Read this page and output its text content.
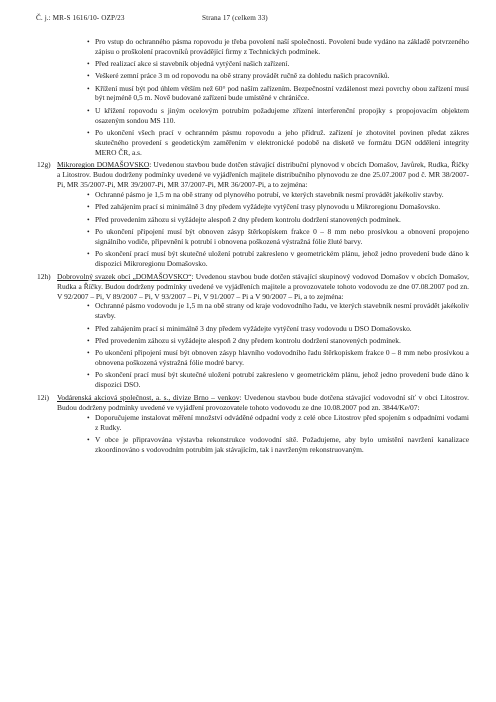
Č. j.: MR-S 1616/10- OZP/23	Strana 17 (celkem 33)
• Pro vstup do ochranného pásma ropovodu je třeba povolení naší společnosti. Povolení bude vydáno na základě potvrzeného zápisu o proškolení pracovníků provádějící firmy z Technických podmínek.
• Před realizací akce si stavebník objedná vytýčení našich zařízení.
• Veškeré zemní práce 3 m od ropovodu na obě strany provádět ručně za dohledu našich pracovníků.
• Křížení musí být pod úhlem větším než 60° pod naším zařízením. Bezpečnostní vzdálenost mezi povrchy obou zařízení musí být nejméně 0,5 m. Nově budované zařízení bude umístěné v chráničce.
• U křížení ropovodu s jiným ocelovým potrubím požadujeme zřízení interferenční propojky s propojovacím objektem osazeným sondou MS 110.
• Po ukončení všech prací v ochranném pásmu ropovodu a jeho přídruž. zařízení je zhotovitel povinen předat zákres skutečného provedení s geodetickým zaměřením v elektronické podobě na disketě ve formátu DGN oddělení integrity MERO ČR, a.s.
12g) Mikroregion DOMAŠOVSKO: Uvedenou stavbou bude dotčen stávající distribuční plynovod v obcích Domašov, Javůrek, Rudka, Říčky a Litostrov. Budou dodrženy podmínky uvedené ve vyjádřeních majitele distribučního plynovodu ze dne 25.07.2007 pod č. MR 38/2007-Pi, MR 35/2007-Pi, MR 39/2007-Pi, MR 37/2007-Pi, MR 36/2007-Pi, a to zejména:
• Ochranné pásmo je 1,5 m na obě strany od plynového potrubí, ve kterých stavebník nesmí provádět jakékoliv stavby.
• Před zahájením prací si minimálně 3 dny předem vyžádejte vytýčení trasy plynovodu u Mikroregionu Domašovsko.
• Před provedením záhozu si vyžádejte alespoň 2 dny předem kontrolu dodržení stanovených podmínek.
• Po ukončení připojení musí být obnoven zásyp štěrkopískem frakce 0 – 8 mm nebo prosívkou a obnovení propojeno signálního vodiče, připevnění k potrubí i obnovena poškozená výstražná fólie žluté barvy.
• Po skončení prací musí být skutečné uložení potrubí zakresleno v geometrickém plánu, jehož jedno provedení bude dáno k dispozici Mikroregionu Domašovsko.
12h) Dobrovolný svazek obcí „DOMAŠOVSKO“: Uvedenou stavbou bude dotčen stávající skupinový vodovod Domašov v obcích Domašov, Rudka a Říčky. Budou dodrženy podmínky uvedené ve vyjádřeních majitele a provozovatele tohoto vodovodu ze dne 07.08.2007 pod zn. V 92/2007 – Pi, V 89/2007 – Pi, V 93/2007 – Pi, V 91/2007 – Pi a V 90/2007 – Pi, a to zejména:
• Ochranné pásmo vodovodu je 1,5 m na obě strany od kraje vodovodního řadu, ve kterých stavebník nesmí provádět jakékoliv stavby.
• Před zahájením prací si minimálně 3 dny předem vyžádejte vytýčení trasy vodovodu u DSO Domašovsko.
• Před provedením záhozu si vyžádejte alespoň 2 dny předem kontrolu dodržení stanovených podmínek.
• Po ukončení připojení musí být obnoven zásyp hlavního vodovodního řadu štěrkopískem frakce 0 – 8 mm nebo prosívkou a obnovena poškozená výstražná fólie modré barvy.
• Po skončení prací musí být skutečné uložení potrubí zakresleno v geometrickém plánu, jehož jedno provedení bude dáno k dispozici DSO.
12i) Vodárenská akciová společnost, a. s., divize Brno – venkov: Uvedenou stavbou bude dotčena stávající vodovodní síť v obci Litostrov. Budou dodrženy podmínky uvedené ve vyjádření provozovatele tohoto vodovodu ze dne 10.08.2007 pod zn. 3844/Ke/07:
• Doporučujeme instalovat měření množství odváděné odpadní vody z celé obce Litostrov před spojením s odpadními vodami z Rudky.
• V obce je připravována výstavba rekonstrukce vodovodní sítě. Požadujeme, aby bylo umístění navržení kanalizace zkoordinováno s vodovodním potrubím jak stávajícím, tak i navrženým rekonstruovaným.
